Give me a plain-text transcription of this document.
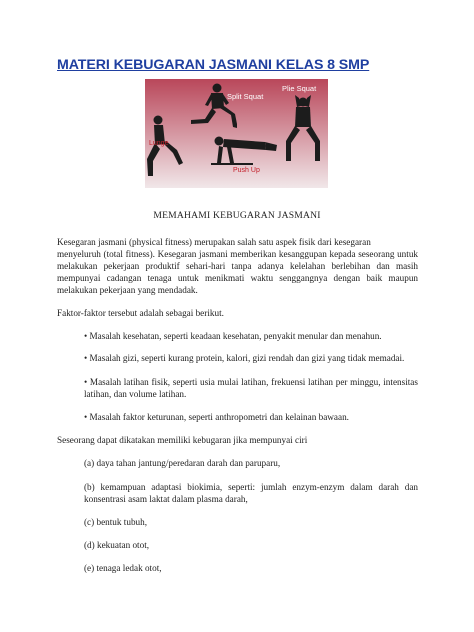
MATERI KEBUGARAN JASMANI KELAS 8 SMP
Split Squat
Plie Squat
Lunge
Push Up
MEMAHAMI KEBUGARAN JASMANI
Kesegaran jasmani (physical fitness) merupakan salah satu aspek fisik dari kesegaran
menyeluruh (total fitness). Kesegaran jasmani memberikan kesanggupan kepada seseorang untuk
melakukan pekerjaan produktif sehari-hari tanpa adanya kelelahan berlebihan dan masih
mempunyai cadangan tenaga untuk menikmati waktu senggangnya dengan baik maupun
melakukan pekerjaan yang mendadak.
Faktor-faktor tersebut adalah sebagai berikut.
• Masalah kesehatan, seperti keadaan kesehatan, penyakit menular dan menahun.
• Masalah gizi, seperti kurang protein, kalori, gizi rendah dan gizi yang tidak memadai.
• Masalah latihan fisik, seperti usia mulai latihan, frekuensi latihan per minggu, intensitas
latihan, dan volume latihan.
• Masalah faktor keturunan, seperti anthropometri dan kelainan bawaan.
Seseorang dapat dikatakan memiliki kebugaran jika mempunyai ciri
(a) daya tahan jantung/peredaran darah dan paruparu,
(b) kemampuan adaptasi biokimia, seperti: jumlah enzym-enzym dalam darah dan
konsentrasi asam laktat dalam plasma darah,
(c) bentuk tubuh,
(d) kekuatan otot,
(e) tenaga ledak otot,
